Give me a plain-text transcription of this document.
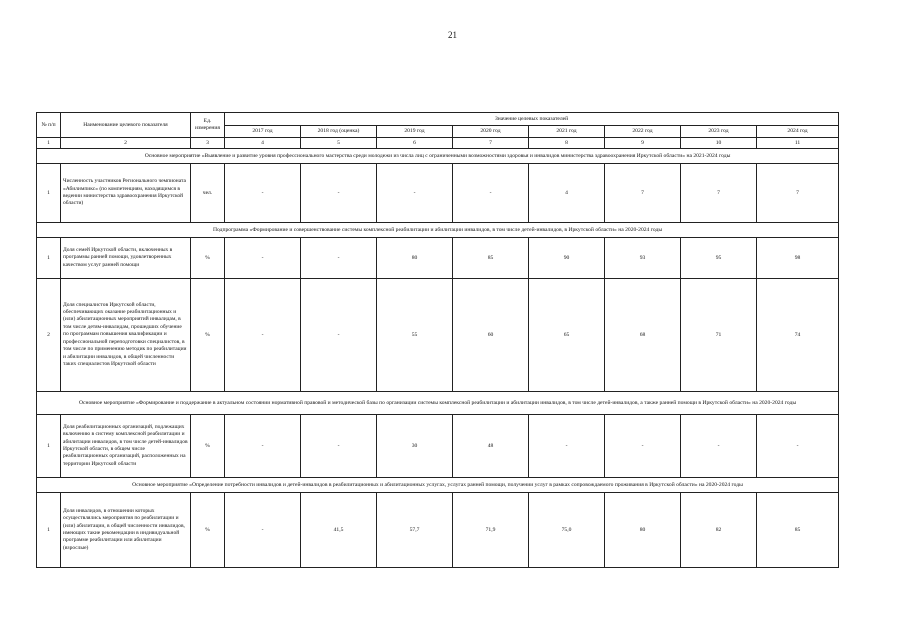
21
№ п/п	Наименование целевого показателя	Ед. измерения	Значение целевых показателей							
			2017 год	2018 год (оценка)	2019 год	2020 год	2021 год	2022 год	2023 год	2024 год
1	2	3	4	5	6	7	8	9	10	11
Основное мероприятие «Выявление и развитие уровня профессионального мастерства среди молодежи из числа лиц с ограниченными возможностями здоровья и инвалидов министерства здравоохранения Иркутской области» на 2021-2024 годы										
1	Численность участников Регионального чемпионата «Абилимпикс» (по компетенциям, находящимся в ведении министерства здравоохранения Иркутской области)	чел.	-	-	-	-	4	7	7	7
Подпрограмма «Формирование и совершенствование системы комплексной реабилитации и абилитации инвалидов, в том числе детей-инвалидов, в Иркутской области» на 2020-2024 годы										
1	Доля семей Иркутской области, включенных в программы ранней помощи, удовлетворенных качеством услуг ранней помощи	%	-	-	80	85	90	93	95	98
2	Доля специалистов Иркутской области, обеспечивающих оказание реабилитационных и (или) абилитационных мероприятий инвалидам, в том числе детям-инвалидам, прошедших обучение по программам повышения квалификации и профессиональной переподготовки специалистов, в том числе по применению методик по реабилитации и абилитации инвалидов, в общей численности таких специалистов Иркутской области	%	-	-	55	60	65	68	71	74
Основное мероприятие «Формирование и поддержание в актуальном состоянии нормативной правовой и методической базы по организации системы комплексной реабилитации и абилитации инвалидов, в том числе детей-инвалидов, а также ранней помощи в Иркутской области» на 2020-2024 годы										
1	Доля реабилитационных организаций, подлежащих включению в систему комплексной реабилитации и абилитации инвалидов, в том числе детей-инвалидов Иркутской области, в общем числе реабилитационных организаций, расположенных на территории Иркутской области	%	-	-	30	48	-	-	-	-
Основное мероприятие «Определение потребности инвалидов и детей-инвалидов в реабилитационных и абилитационных услугах, услугах ранней помощи, получении услуг в рамках сопровождаемого проживания в Иркутской области» на 2020-2024 годы										
1	Доля инвалидов, в отношении которых осуществлялись мероприятия по реабилитации и (или) абилитации, в общей численности инвалидов, имеющих такие рекомендации в индивидуальной программе реабилитации или абилитации (взрослые)	%	-	41,5	57,7	71,9	75,0	80	82	85
